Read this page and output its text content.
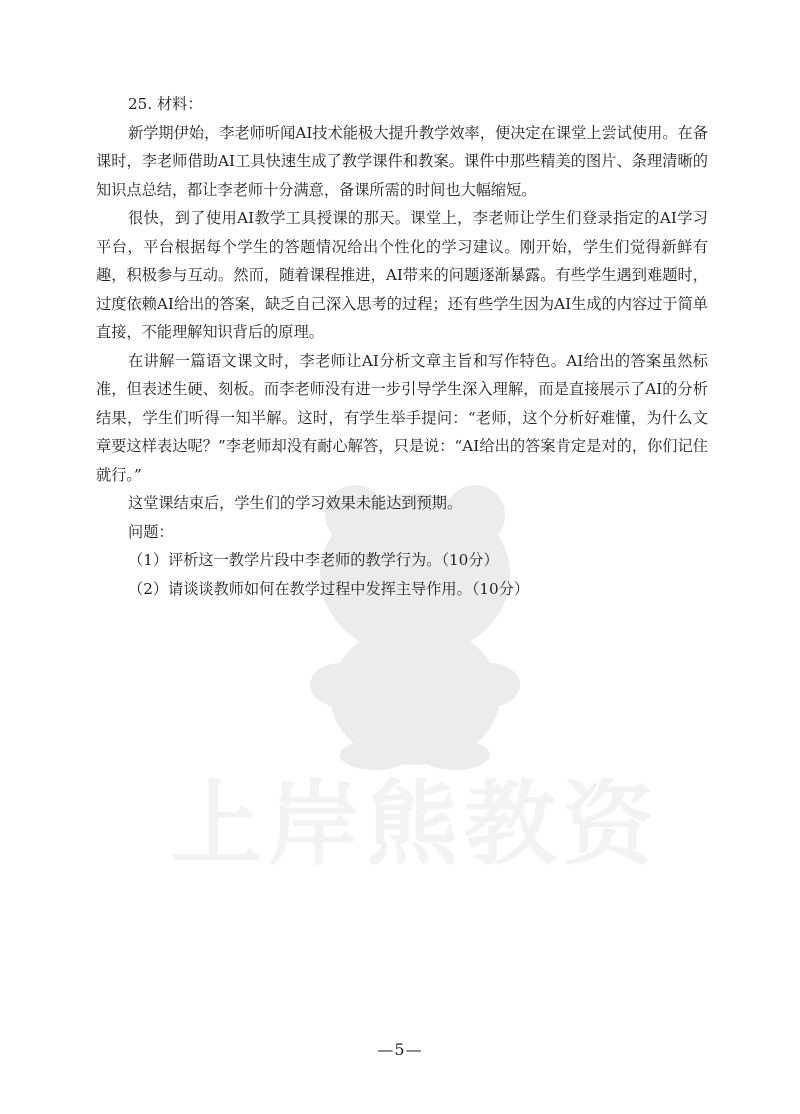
25. 材料：

新学期伊始，李老师听闻AI技术能极大提升教学效率，便决定在课堂上尝试使用。在备课时，李老师借助AI工具快速生成了教学课件和教案。课件中那些精美的图片、条理清晰的知识点总结，都让李老师十分满意，备课所需的时间也大幅缩短。

很快，到了使用AI教学工具授课的那天。课堂上，李老师让学生们登录指定的AI学习平台，平台根据每个学生的答题情况给出个性化的学习建议。刚开始，学生们觉得新鲜有趣，积极参与互动。然而，随着课程推进，AI带来的问题逐渐暴露。有些学生遇到难题时，过度依赖AI给出的答案，缺乏自己深入思考的过程；还有些学生因为AI生成的内容过于简单直接，不能理解知识背后的原理。

在讲解一篇语文课文时，李老师让AI分析文章主旨和写作特色。AI给出的答案虽然标准，但表述生硬、刻板。而李老师没有进一步引导学生深入理解，而是直接展示了AI的分析结果，学生们听得一知半解。这时，有学生举手提问：“老师，这个分析好难懂，为什么文章要这样表达呢？”李老师却没有耐心解答，只是说：“AI给出的答案肯定是对的，你们记住就行。”

这堂课结束后，学生们的学习效果未能达到预期。

问题：

（1）评析这一教学片段中李老师的教学行为。（10分）

（2）请谈谈教师如何在教学过程中发挥主导作用。（10分）

—5—
